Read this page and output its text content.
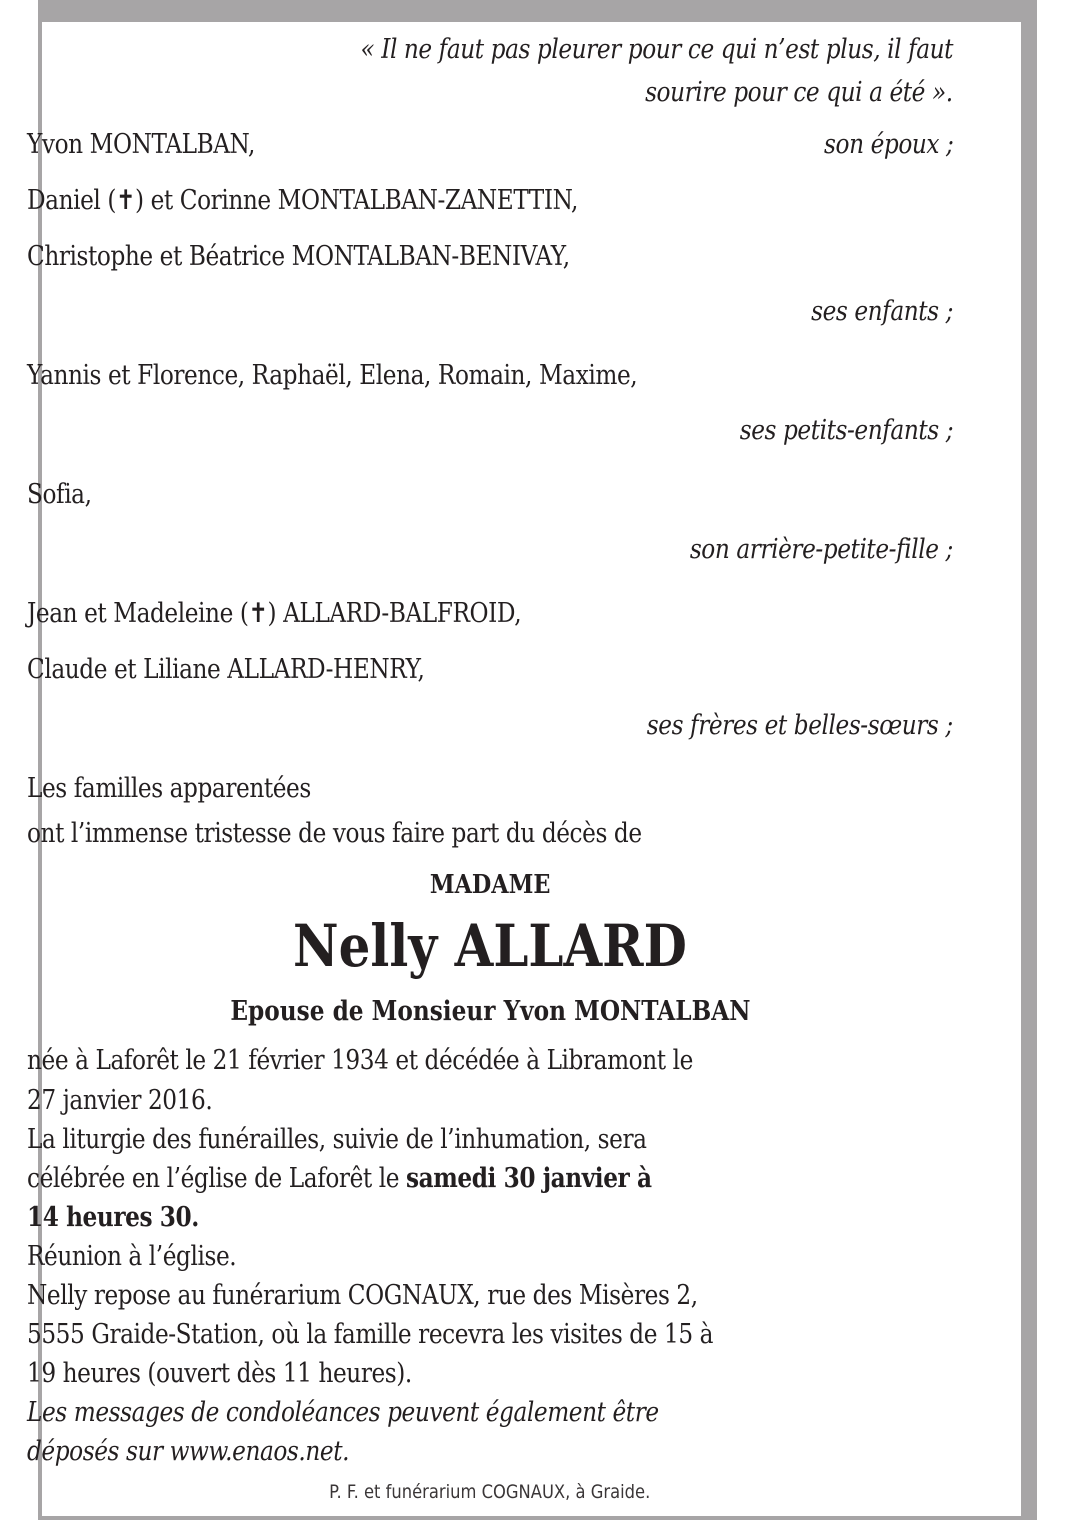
« Il ne faut pas pleurer pour ce qui n’est plus, il faut
sourire pour ce qui a été ».
Yvon MONTALBAN,	son époux ;
Daniel (✝) et Corinne MONTALBAN-ZANETTIN,
Christophe et Béatrice MONTALBAN-BENIVAY,
ses enfants ;
Yannis et Florence, Raphaël, Elena, Romain, Maxime,
ses petits-enfants ;
Sofia,
son arrière-petite-fille ;
Jean et Madeleine (✝) ALLARD-BALFROID,
Claude et Liliane ALLARD-HENRY,
ses frères et belles-sœurs ;
Les familles apparentées
ont l’immense tristesse de vous faire part du décès de
MADAME
Nelly ALLARD
Epouse de Monsieur Yvon MONTALBAN
née à Laforêt le 21 février 1934 et décédée à Libramont le
27 janvier 2016.
La liturgie des funérailles, suivie de l’inhumation, sera
célébrée en l’église de Laforêt le samedi 30 janvier à
14 heures 30.
Réunion à l’église.
Nelly repose au funérarium COGNAUX, rue des Misères 2,
5555 Graide-Station, où la famille recevra les visites de 15 à
19 heures (ouvert dès 11 heures).
Les messages de condoléances peuvent également être
déposés sur www.enaos.net.
P. F. et funérarium COGNAUX, à Graide.
